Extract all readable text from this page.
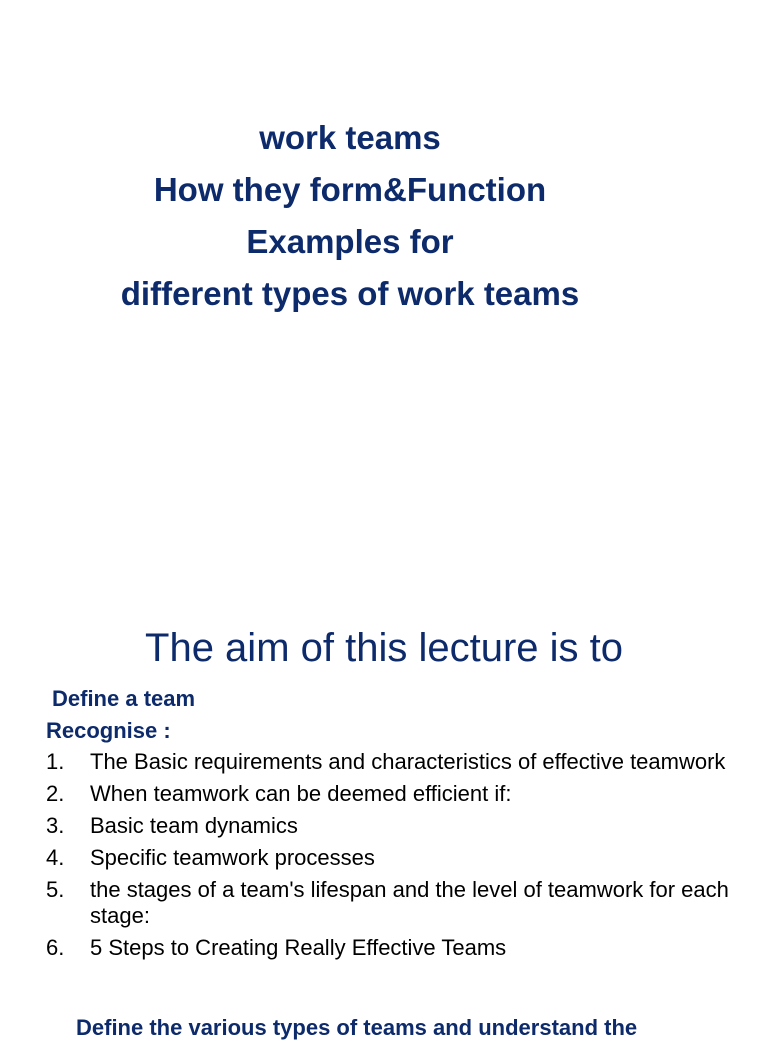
work teams
How they form&Function
Examples for
different types of work teams
The aim of this lecture is to
Define a team
Recognise :
1.	The Basic requirements and characteristics of effective teamwork
2.	When teamwork can be deemed efficient if:
3.	Basic team dynamics
4.	Specific teamwork processes
5.	the stages of a team's lifespan and the level of teamwork for each stage:
6.	5 Steps to Creating Really Effective Teams
Define the various types of teams and understand the
